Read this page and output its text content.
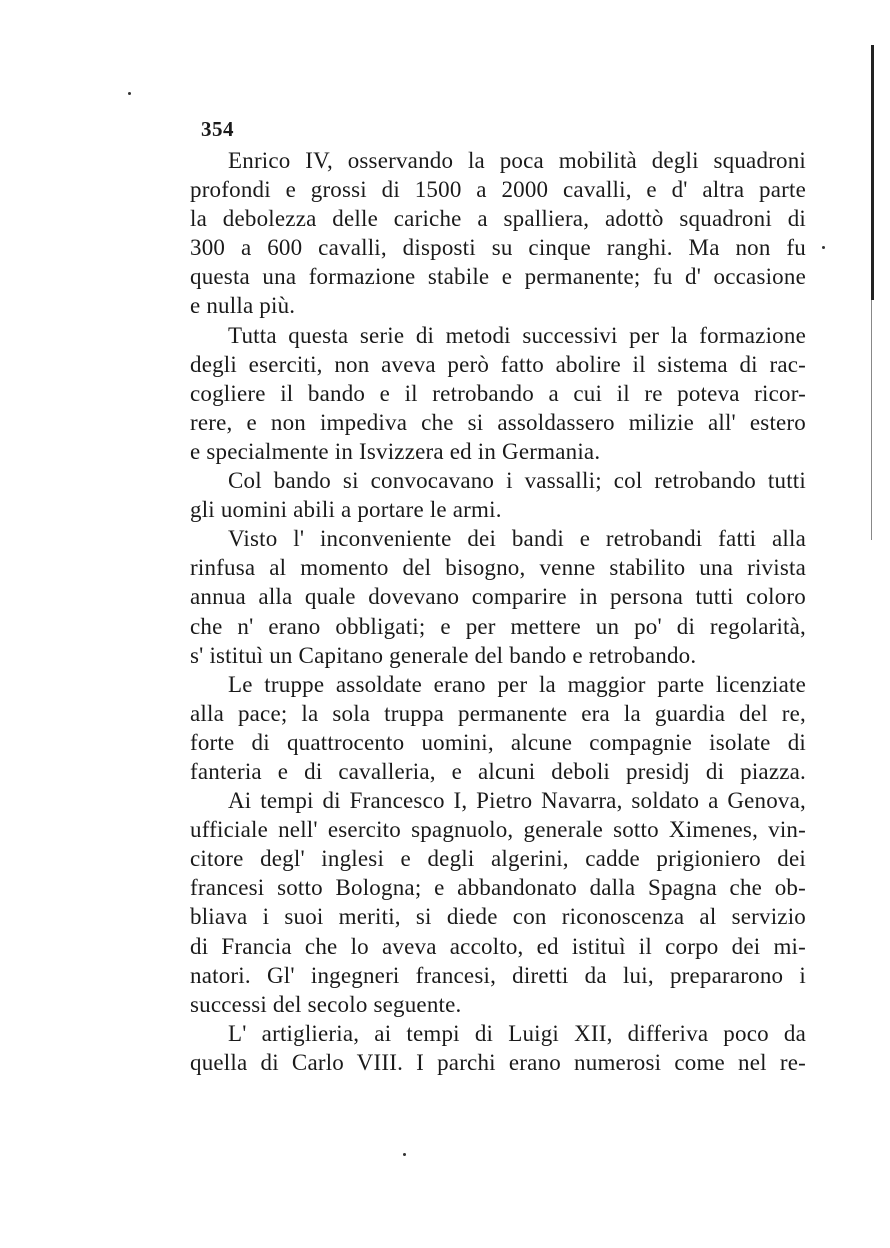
354
Enrico IV, osservando la poca mobilità degli squadroni
profondi e grossi di 1500 a 2000 cavalli, e d' altra parte
la debolezza delle cariche a spalliera, adottò squadroni di
300 a 600 cavalli, disposti su cinque ranghi. Ma non fu
questa una formazione stabile e permanente; fu d' occasione
e nulla più.
Tutta questa serie di metodi successivi per la formazione
degli eserciti, non aveva però fatto abolire il sistema di rac-
cogliere il bando e il retrobando a cui il re poteva ricor-
rere, e non impediva che si assoldassero milizie all' estero
e specialmente in Isvizzera ed in Germania.
Col bando si convocavano i vassalli; col retrobando tutti
gli uomini abili a portare le armi.
Visto l' inconveniente dei bandi e retrobandi fatti alla
rinfusa al momento del bisogno, venne stabilito una rivista
annua alla quale dovevano comparire in persona tutti coloro
che n' erano obbligati; e per mettere un po' di regolarità,
s' istituì un Capitano generale del bando e retrobando.
Le truppe assoldate erano per la maggior parte licenziate
alla pace; la sola truppa permanente era la guardia del re,
forte di quattrocento uomini, alcune compagnie isolate di
fanteria e di cavalleria, e alcuni deboli presidj di piazza.
Ai tempi di Francesco I, Pietro Navarra, soldato a Genova,
ufficiale nell' esercito spagnuolo, generale sotto Ximenes, vin-
citore degl' inglesi e degli algerini, cadde prigioniero dei
francesi sotto Bologna; e abbandonato dalla Spagna che ob-
bliava i suoi meriti, si diede con riconoscenza al servizio
di Francia che lo aveva accolto, ed istituì il corpo dei mi-
natori. Gl' ingegneri francesi, diretti da lui, prepararono i
successi del secolo seguente.
L' artiglieria, ai tempi di Luigi XII, differiva poco da
quella di Carlo VIII. I parchi erano numerosi come nel re-
